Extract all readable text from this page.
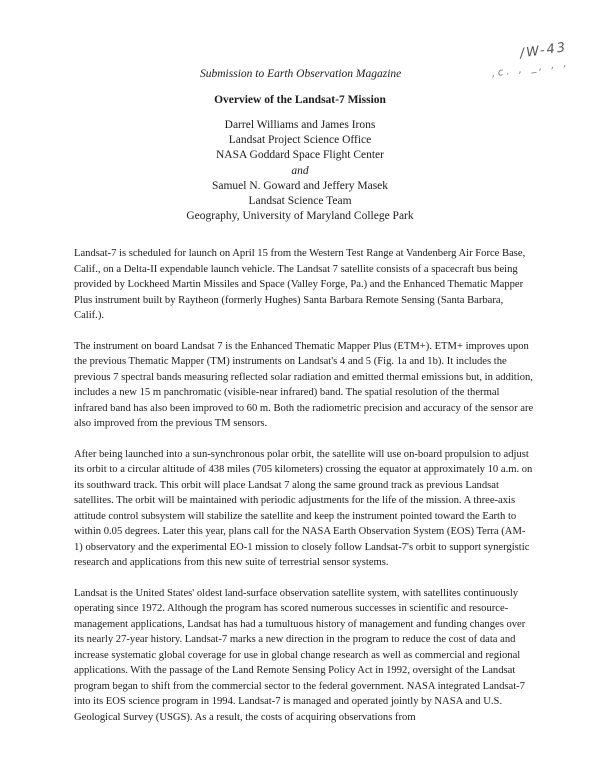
/W-43
,c. , _, , ,
Submission to Earth Observation Magazine
Overview of the Landsat-7 Mission
Darrel Williams and James Irons
Landsat Project Science Office
NASA Goddard Space Flight Center
and
Samuel N. Goward and Jeffery Masek
Landsat Science Team
Geography, University of Maryland College Park

Landsat-7 is scheduled for launch on April 15 from the Western Test Range at Vandenberg Air Force Base, Calif., on a Delta-II expendable launch vehicle. The Landsat 7 satellite consists of a spacecraft bus being provided by Lockheed Martin Missiles and Space (Valley Forge, Pa.) and the Enhanced Thematic Mapper Plus instrument built by Raytheon (formerly Hughes) Santa Barbara Remote Sensing (Santa Barbara, Calif.).

The instrument on board Landsat 7 is the Enhanced Thematic Mapper Plus (ETM+). ETM+ improves upon the previous Thematic Mapper (TM) instruments on Landsat's 4 and 5 (Fig. 1a and 1b). It includes the previous 7 spectral bands measuring reflected solar radiation and emitted thermal emissions but, in addition, includes a new 15 m panchromatic (visible-near infrared) band. The spatial resolution of the thermal infrared band has also been improved to 60 m. Both the radiometric precision and accuracy of the sensor are also improved from the previous TM sensors.

After being launched into a sun-synchronous polar orbit, the satellite will use on-board propulsion to adjust its orbit to a circular altitude of 438 miles (705 kilometers) crossing the equator at approximately 10 a.m. on its southward track. This orbit will place Landsat 7 along the same ground track as previous Landsat satellites. The orbit will be maintained with periodic adjustments for the life of the mission. A three-axis attitude control subsystem will stabilize the satellite and keep the instrument pointed toward the Earth to within 0.05 degrees. Later this year, plans call for the NASA Earth Observation System (EOS) Terra (AM-1) observatory and the experimental EO-1 mission to closely follow Landsat-7's orbit to support synergistic research and applications from this new suite of terrestrial sensor systems.

Landsat is the United States' oldest land-surface observation satellite system, with satellites continuously operating since 1972. Although the program has scored numerous successes in scientific and resource-management applications, Landsat has had a tumultuous history of management and funding changes over its nearly 27-year history. Landsat-7 marks a new direction in the program to reduce the cost of data and increase systematic global coverage for use in global change research as well as commercial and regional applications. With the passage of the Land Remote Sensing Policy Act in 1992, oversight of the Landsat program began to shift from the commercial sector to the federal government. NASA integrated Landsat-7 into its EOS science program in 1994. Landsat-7 is managed and operated jointly by NASA and U.S. Geological Survey (USGS). As a result, the costs of acquiring observations from
